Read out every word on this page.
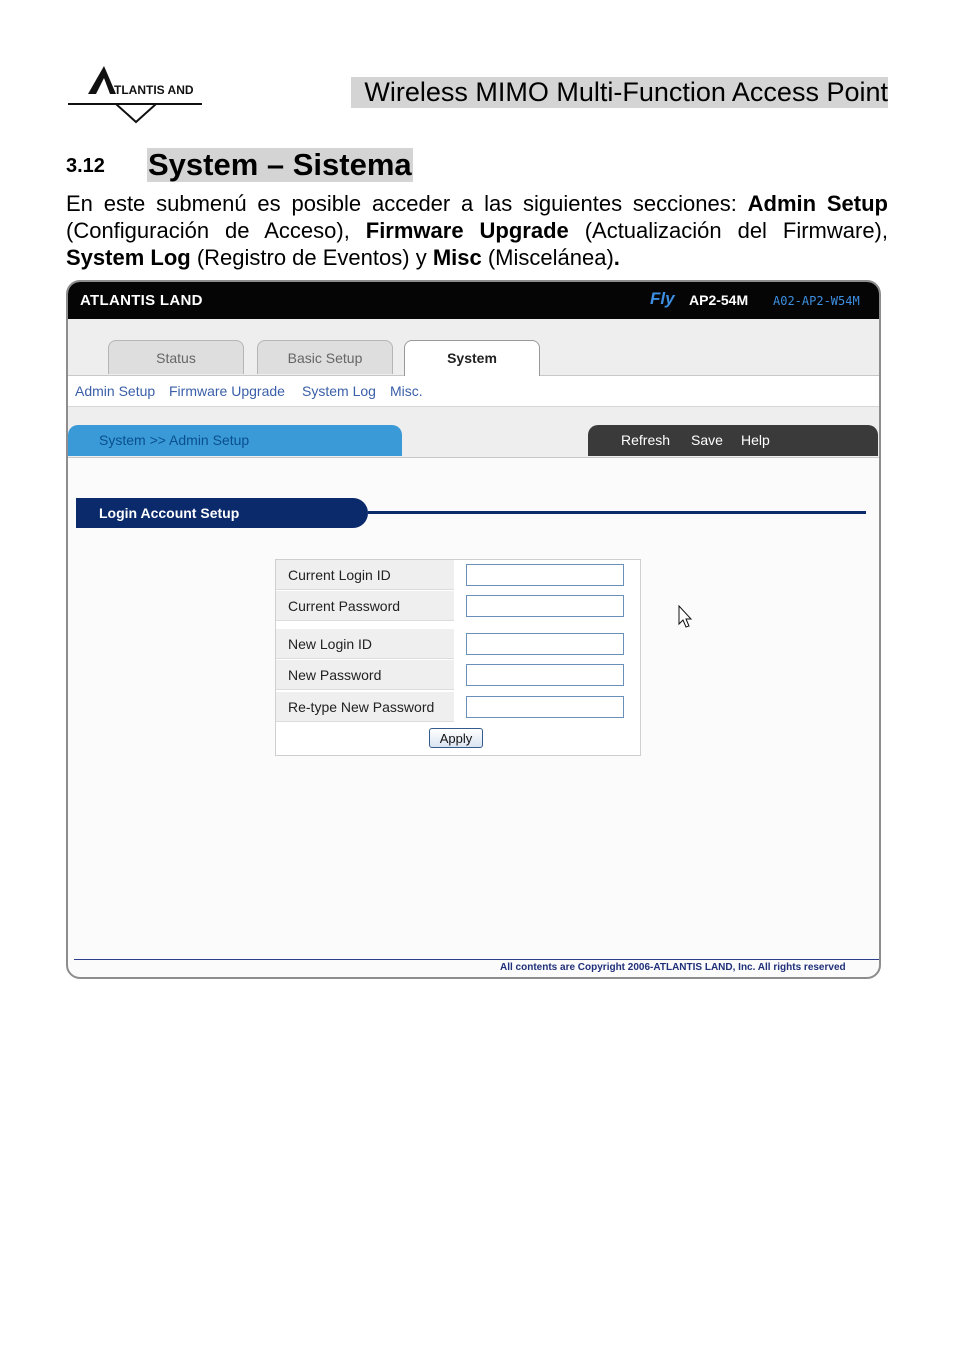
TLANTIS AND	Wireless MIMO Multi-Function Access Point
3.12 System – Sistema
En este submenú es posible acceder a las siguientes secciones: Admin Setup (Configuración de Acceso), Firmware Upgrade (Actualización del Firmware), System Log (Registro de Eventos) y Misc (Miscelánea).
ATLANTIS LAND	Fly AP2-54M A02-AP2-W54M
Status	Basic Setup	System
Admin Setup Firmware Upgrade System Log Misc.
System >> Admin Setup	Refresh Save Help
Login Account Setup
Current Login ID
Current Password
New Login ID
New Password
Re-type New Password
Apply
All contents are Copyright 2006-ATLANTIS LAND, Inc. All rights reserved
